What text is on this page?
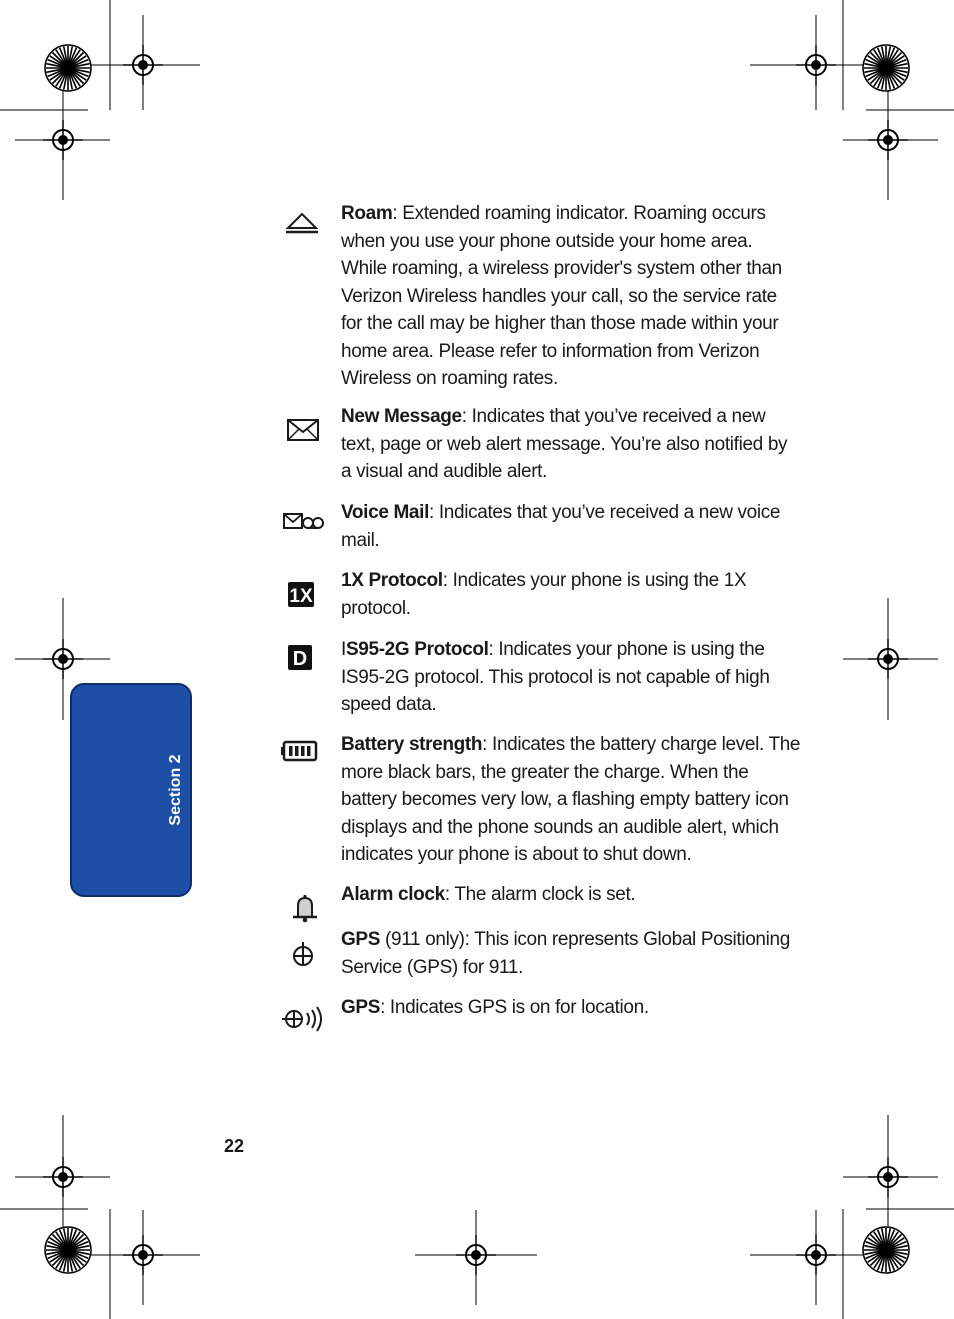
Section 2
Roam: Extended roaming indicator. Roaming occurs when you use your phone outside your home area. While roaming, a wireless provider's system other than Verizon Wireless handles your call, so the service rate for the call may be higher than those made within your home area. Please refer to information from Verizon Wireless on roaming rates.
New Message: Indicates that you’ve received a new text, page or web alert message. You’re also notified by a visual and audible alert.
Voice Mail: Indicates that you’ve received a new voice mail.
1X
1X Protocol: Indicates your phone is using the 1X protocol.
D IS95-2G Protocol: Indicates your phone is using the IS95-2G protocol. This protocol is not capable of high speed data.
Battery strength: Indicates the battery charge level. The more black bars, the greater the charge. When the battery becomes very low, a flashing empty battery icon displays and the phone sounds an audible alert, which indicates your phone is about to shut down.
Alarm clock: The alarm clock is set.
GPS (911 only): This icon represents Global Positioning Service (GPS) for 911.
GPS: Indicates GPS is on for location.
22
